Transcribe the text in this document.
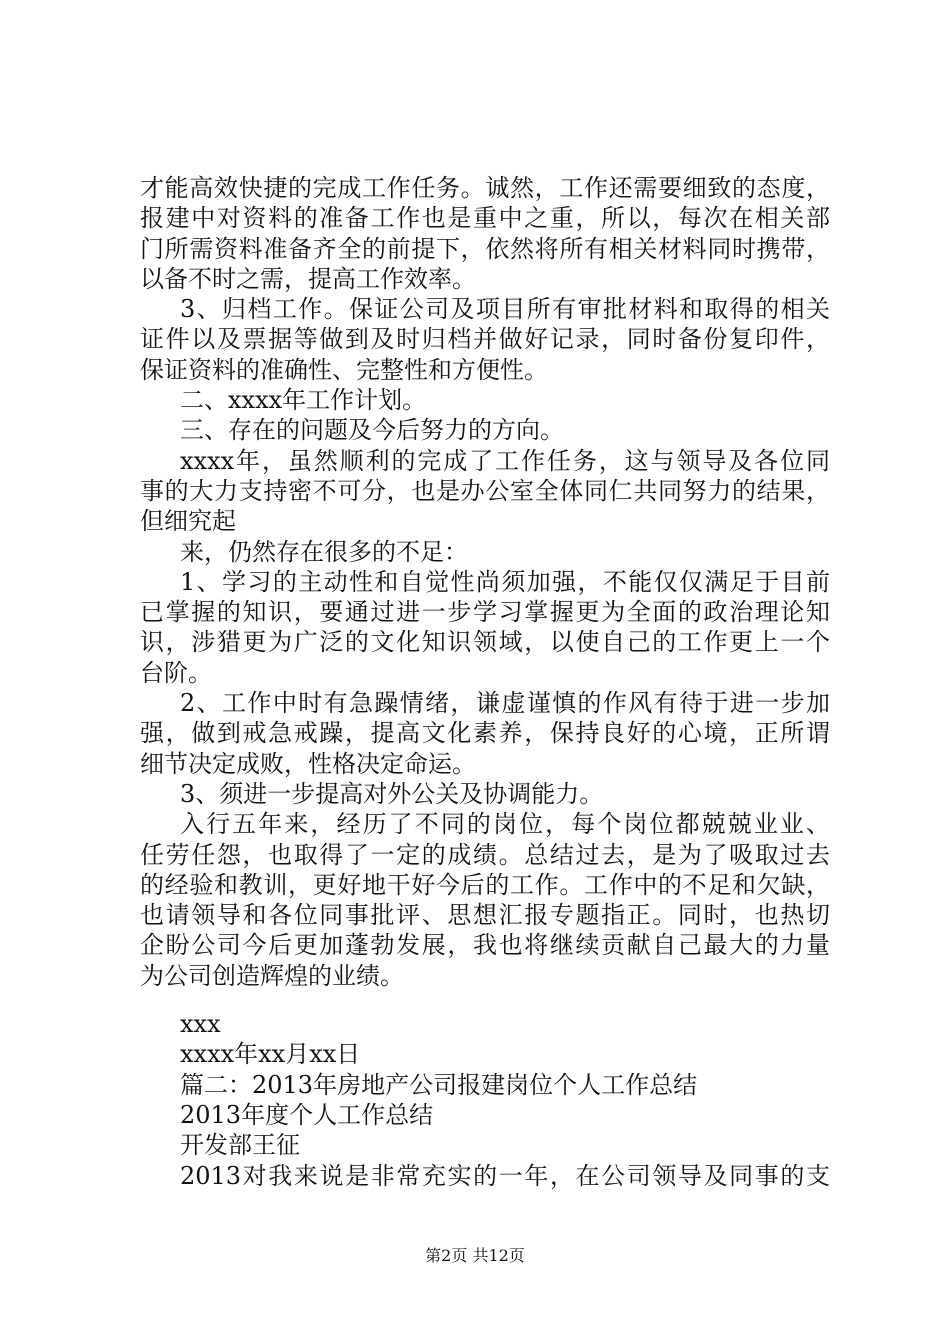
才能高效快捷的完成工作任务。诚然，工作还需要细致的态度，
报建中对资料的准备工作也是重中之重，所以，每次在相关部
门所需资料准备齐全的前提下，依然将所有相关材料同时携带，
以备不时之需，提高工作效率。
3、归档工作。保证公司及项目所有审批材料和取得的相关
证件以及票据等做到及时归档并做好记录，同时备份复印件，
保证资料的准确性、完整性和方便性。
二、xxxx年工作计划。
三、存在的问题及今后努力的方向。
xxxx年，虽然顺利的完成了工作任务，这与领导及各位同
事的大力支持密不可分，也是办公室全体同仁共同努力的结果，
但细究起
来，仍然存在很多的不足：
1、学习的主动性和自觉性尚须加强，不能仅仅满足于目前
已掌握的知识，要通过进一步学习掌握更为全面的政治理论知
识，涉猎更为广泛的文化知识领域，以使自己的工作更上一个
台阶。
2、工作中时有急躁情绪，谦虚谨慎的作风有待于进一步加
强，做到戒急戒躁，提高文化素养，保持良好的心境，正所谓
细节决定成败，性格决定命运。
3、须进一步提高对外公关及协调能力。
入行五年来，经历了不同的岗位，每个岗位都兢兢业业、
任劳任怨，也取得了一定的成绩。总结过去，是为了吸取过去
的经验和教训，更好地干好今后的工作。工作中的不足和欠缺，
也请领导和各位同事批评、思想汇报专题指正。同时，也热切
企盼公司今后更加蓬勃发展，我也将继续贡献自己最大的力量
为公司创造辉煌的业绩。
xxx
xxxx年xx月xx日
篇二：2013年房地产公司报建岗位个人工作总结
2013年度个人工作总结
开发部王征
2013对我来说是非常充实的一年，在公司领导及同事的支
第2页 共12页
